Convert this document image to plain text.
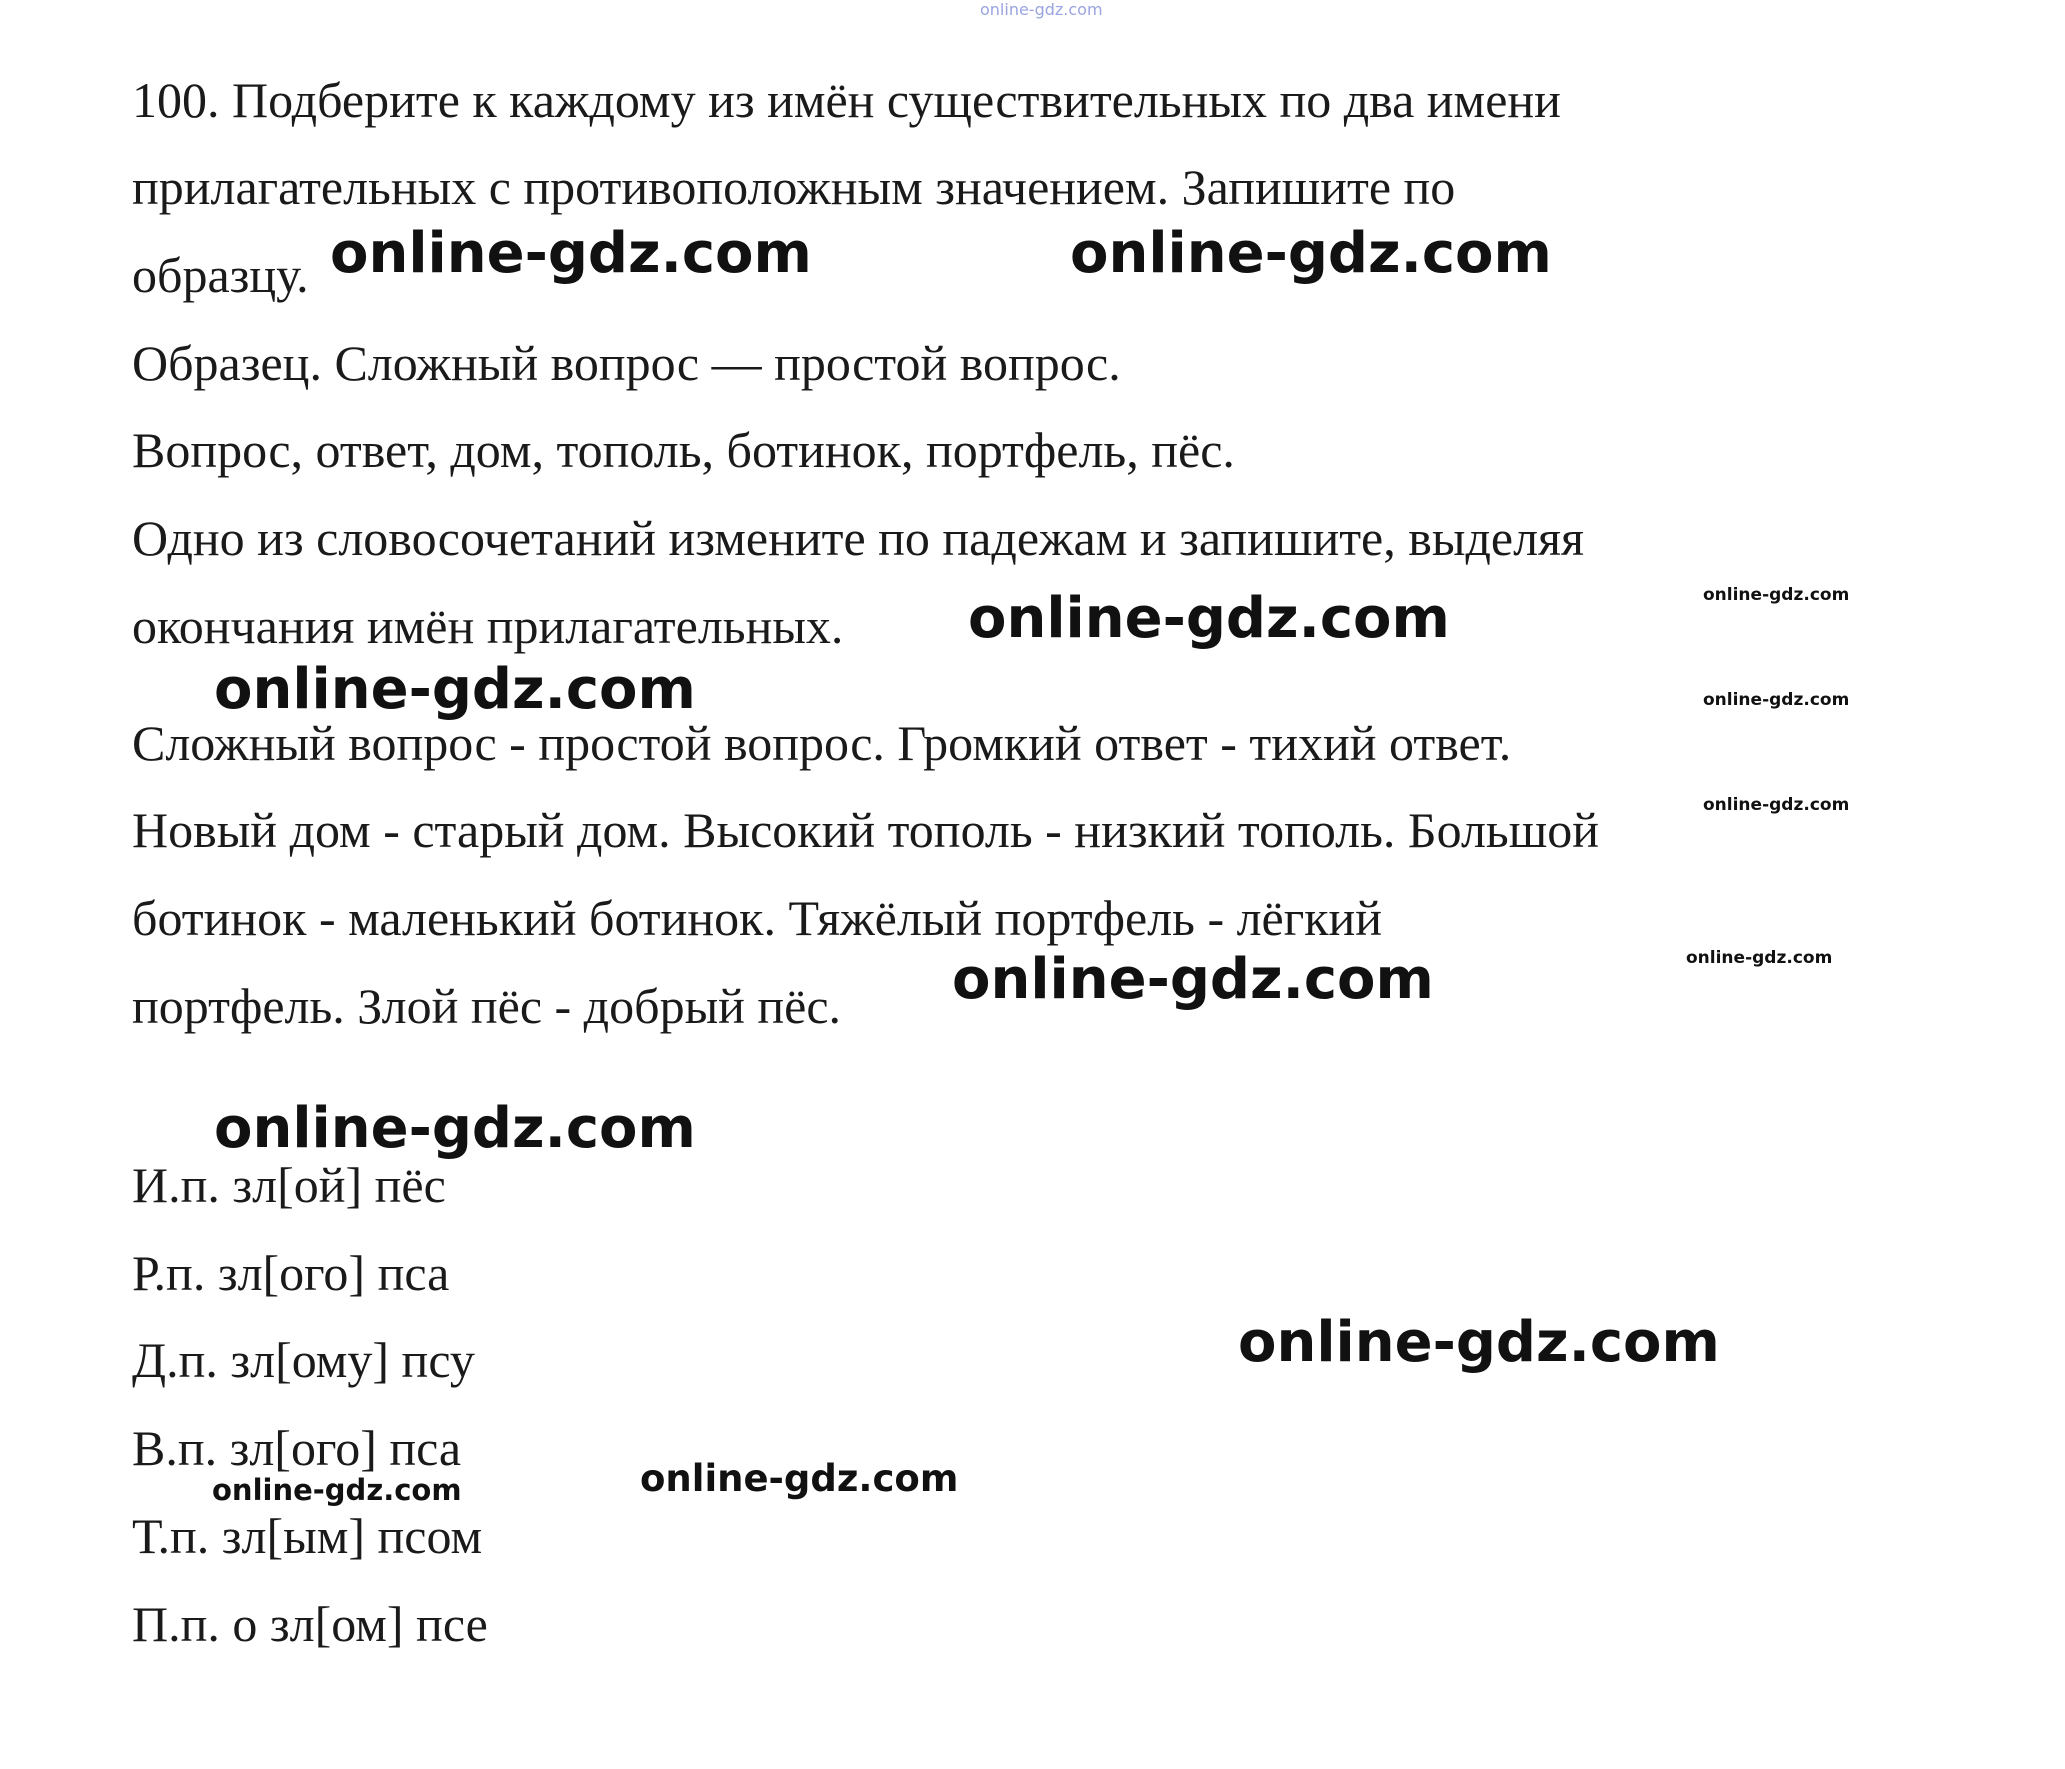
online-gdz.com
100. Подберите к каждому из имён существительных по два имени
прилагательных с противоположным значением. Запишите по
образцу.
Образец. Сложный вопрос — простой вопрос.
Вопрос, ответ, дом, тополь, ботинок, портфель, пёс.
Одно из словосочетаний измените по падежам и запишите, выделяя
окончания имён прилагательных.
Сложный вопрос - простой вопрос. Громкий ответ - тихий ответ.
Новый дом - старый дом. Высокий тополь - низкий тополь. Большой
ботинок - маленький ботинок. Тяжёлый портфель - лёгкий
портфель. Злой пёс - добрый пёс.
И.п. зл[ой] пёс
Р.п. зл[ого] пса
Д.п. зл[ому] псу
В.п. зл[ого] пса
Т.п. зл[ым] псом
П.п. о зл[ом] псе
online-gdz.com	online-gdz.com
online-gdz.com
online-gdz.com
online-gdz.com
online-gdz.com
online-gdz.com
online-gdz.com
online-gdz.com
online-gdz.com
online-gdz.com
online-gdz.com
online-gdz.com
